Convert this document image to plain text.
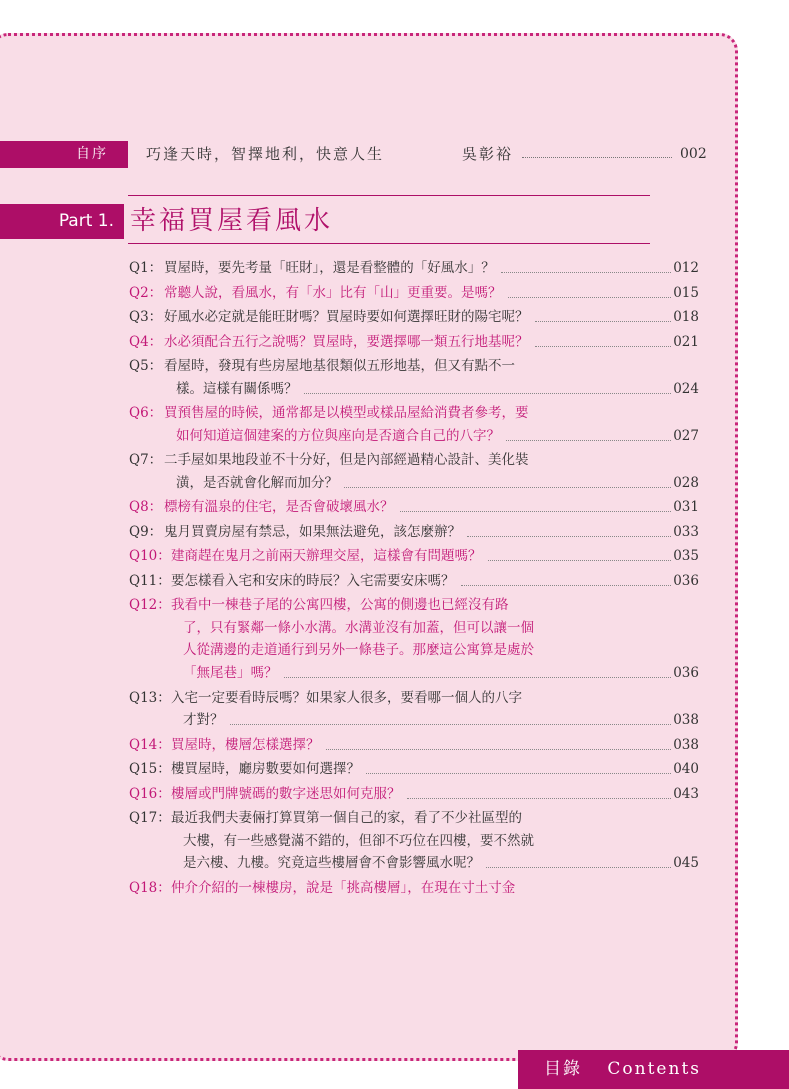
自序	巧逢天時，智擇地利，快意人生	吳彰裕	002
Part 1. 幸福買屋看風水
Q1： 買屋時，要先考量「旺財」，還是看整體的「好風水」？	012
Q2： 常聽人說，看風水，有「水」比有「山」更重要。是嗎？	015
Q3： 好風水必定就是能旺財嗎？買屋時要如何選擇旺財的陽宅呢？	018
Q4： 水必須配合五行之說嗎？買屋時，要選擇哪一類五行地基呢？	021
Q5： 看屋時，發現有些房屋地基很類似五形地基，但又有點不一
樣。這樣有關係嗎？	024
Q6： 買預售屋的時候，通常都是以模型或樣品屋給消費者參考，要
如何知道這個建案的方位與座向是否適合自己的八字？	027
Q7： 二手屋如果地段並不十分好，但是內部經過精心設計、美化裝
潢，是否就會化解而加分？	028
Q8： 標榜有溫泉的住宅，是否會破壞風水？	031
Q9： 鬼月買賣房屋有禁忌，如果無法避免，該怎麼辦？	033
Q10： 建商趕在鬼月之前兩天辦理交屋，這樣會有問題嗎？	035
Q11： 要怎樣看入宅和安床的時辰？入宅需要安床嗎？	036
Q12： 我看中一棟巷子尾的公寓四樓，公寓的側邊也已經沒有路
了，只有緊鄰一條小水溝。水溝並沒有加蓋，但可以讓一個
人從溝邊的走道通行到另外一條巷子。那麼這公寓算是處於
「無尾巷」嗎？	036
Q13： 入宅一定要看時辰嗎？如果家人很多，要看哪一個人的八字
才對？	038
Q14： 買屋時，樓層怎樣選擇？	038
Q15： 樓買屋時，廳房數要如何選擇？	040
Q16： 樓層或門牌號碼的數字迷思如何克服？	043
Q17： 最近我們夫妻倆打算買第一個自己的家，看了不少社區型的
大樓，有一些感覺滿不錯的，但卻不巧位在四樓，要不然就
是六樓、九樓。究竟這些樓層會不會影響風水呢？	045
Q18： 仲介介紹的一棟樓房，說是「挑高樓層」，在現在寸土寸金
目錄 Contents
